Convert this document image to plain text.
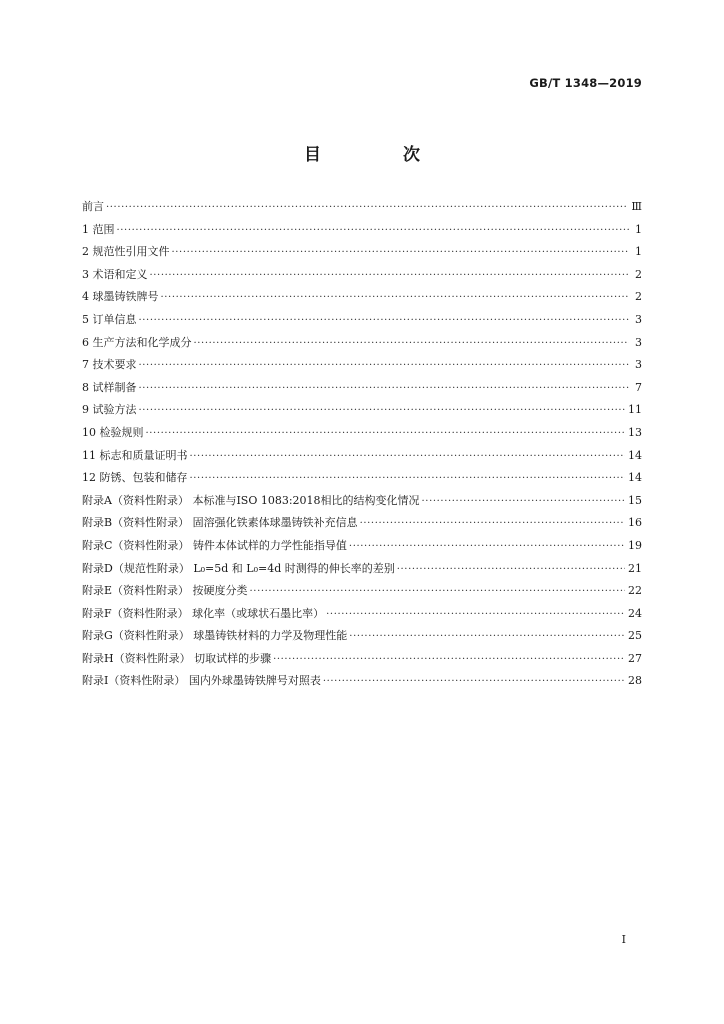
GB/T 1348—2019
目 次
前言 ·····	Ⅲ
1 范围 ·····	1
2 规范性引用文件 ·····	1
3 术语和定义 ·····	2
4 球墨铸铁牌号 ·····	2
5 订单信息 ·····	3
6 生产方法和化学成分 ·····	3
7 技术要求 ·····	3
8 试样制备 ·····	7
9 试验方法 ·····	11
10 检验规则 ·····	13
11 标志和质量证明书 ·····	14
12 防锈、包装和储存 ·····	14
附录A（资料性附录） 本标准与ISO 1083:2018相比的结构变化情况 ·····	15
附录B（资料性附录） 固溶强化铁素体球墨铸铁补充信息 ·····	16
附录C（资料性附录） 铸件本体试样的力学性能指导值 ·····	19
附录D（规范性附录） L₀=5d 和 L₀=4d 时测得的伸长率的差别 ·····	21
附录E（资料性附录） 按硬度分类 ·····	22
附录F（资料性附录） 球化率（或球状石墨比率） ·····	24
附录G（资料性附录） 球墨铸铁材料的力学及物理性能 ·····	25
附录H（资料性附录） 切取试样的步骤 ·····	27
附录I（资料性附录） 国内外球墨铸铁牌号对照表 ·····	28
I
